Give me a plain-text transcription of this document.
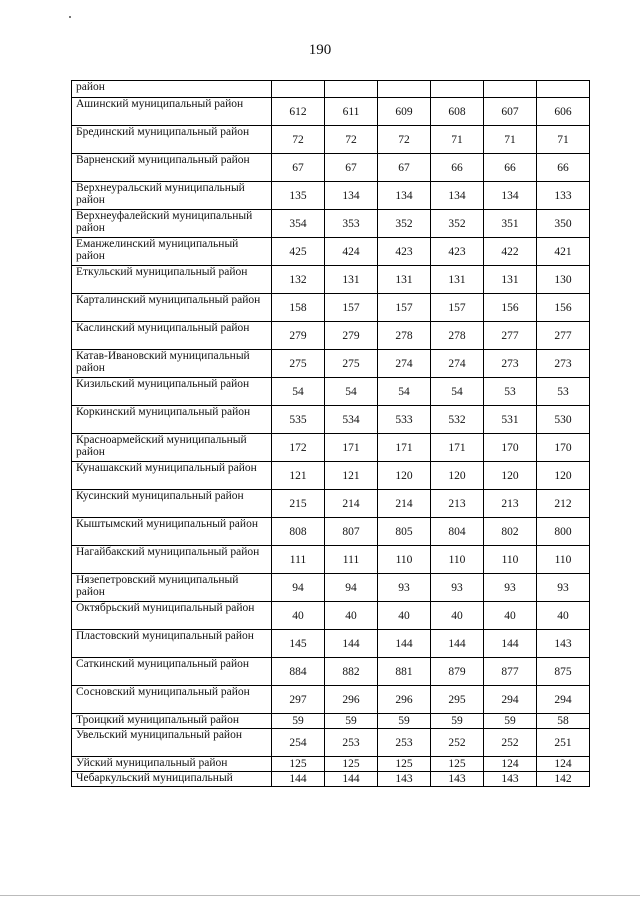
190
район						
Ашинский муниципальный район	612	611	609	608	607	606
Брединский муниципальный район	72	72	72	71	71	71
Варненский муниципальный район	67	67	67	66	66	66
Верхнеуральский муниципальный район	135	134	134	134	134	133
Верхнеуфалейский муниципальный район	354	353	352	352	351	350
Еманжелинский муниципальный район	425	424	423	423	422	421
Еткульский муниципальный район	132	131	131	131	131	130
Карталинский муниципальный район	158	157	157	157	156	156
Каслинский муниципальный район	279	279	278	278	277	277
Катав-Ивановский муниципальный район	275	275	274	274	273	273
Кизильский муниципальный район	54	54	54	54	53	53
Коркинский муниципальный район	535	534	533	532	531	530
Красноармейский муниципальный район	172	171	171	171	170	170
Кунашакский муниципальный район	121	121	120	120	120	120
Кусинский муниципальный район	215	214	214	213	213	212
Кыштымский муниципальный район	808	807	805	804	802	800
Нагайбакский муниципальный район	111	111	110	110	110	110
Нязепетровский муниципальный район	94	94	93	93	93	93
Октябрьский муниципальный район	40	40	40	40	40	40
Пластовский муниципальный район	145	144	144	144	144	143
Саткинский муниципальный район	884	882	881	879	877	875
Сосновский муниципальный район	297	296	296	295	294	294
Троицкий муниципальный район	59	59	59	59	59	58
Увельский муниципальный район	254	253	253	252	252	251
Уйский муниципальный район	125	125	125	125	124	124
Чебаркульский муниципальный	144	144	143	143	143	142
